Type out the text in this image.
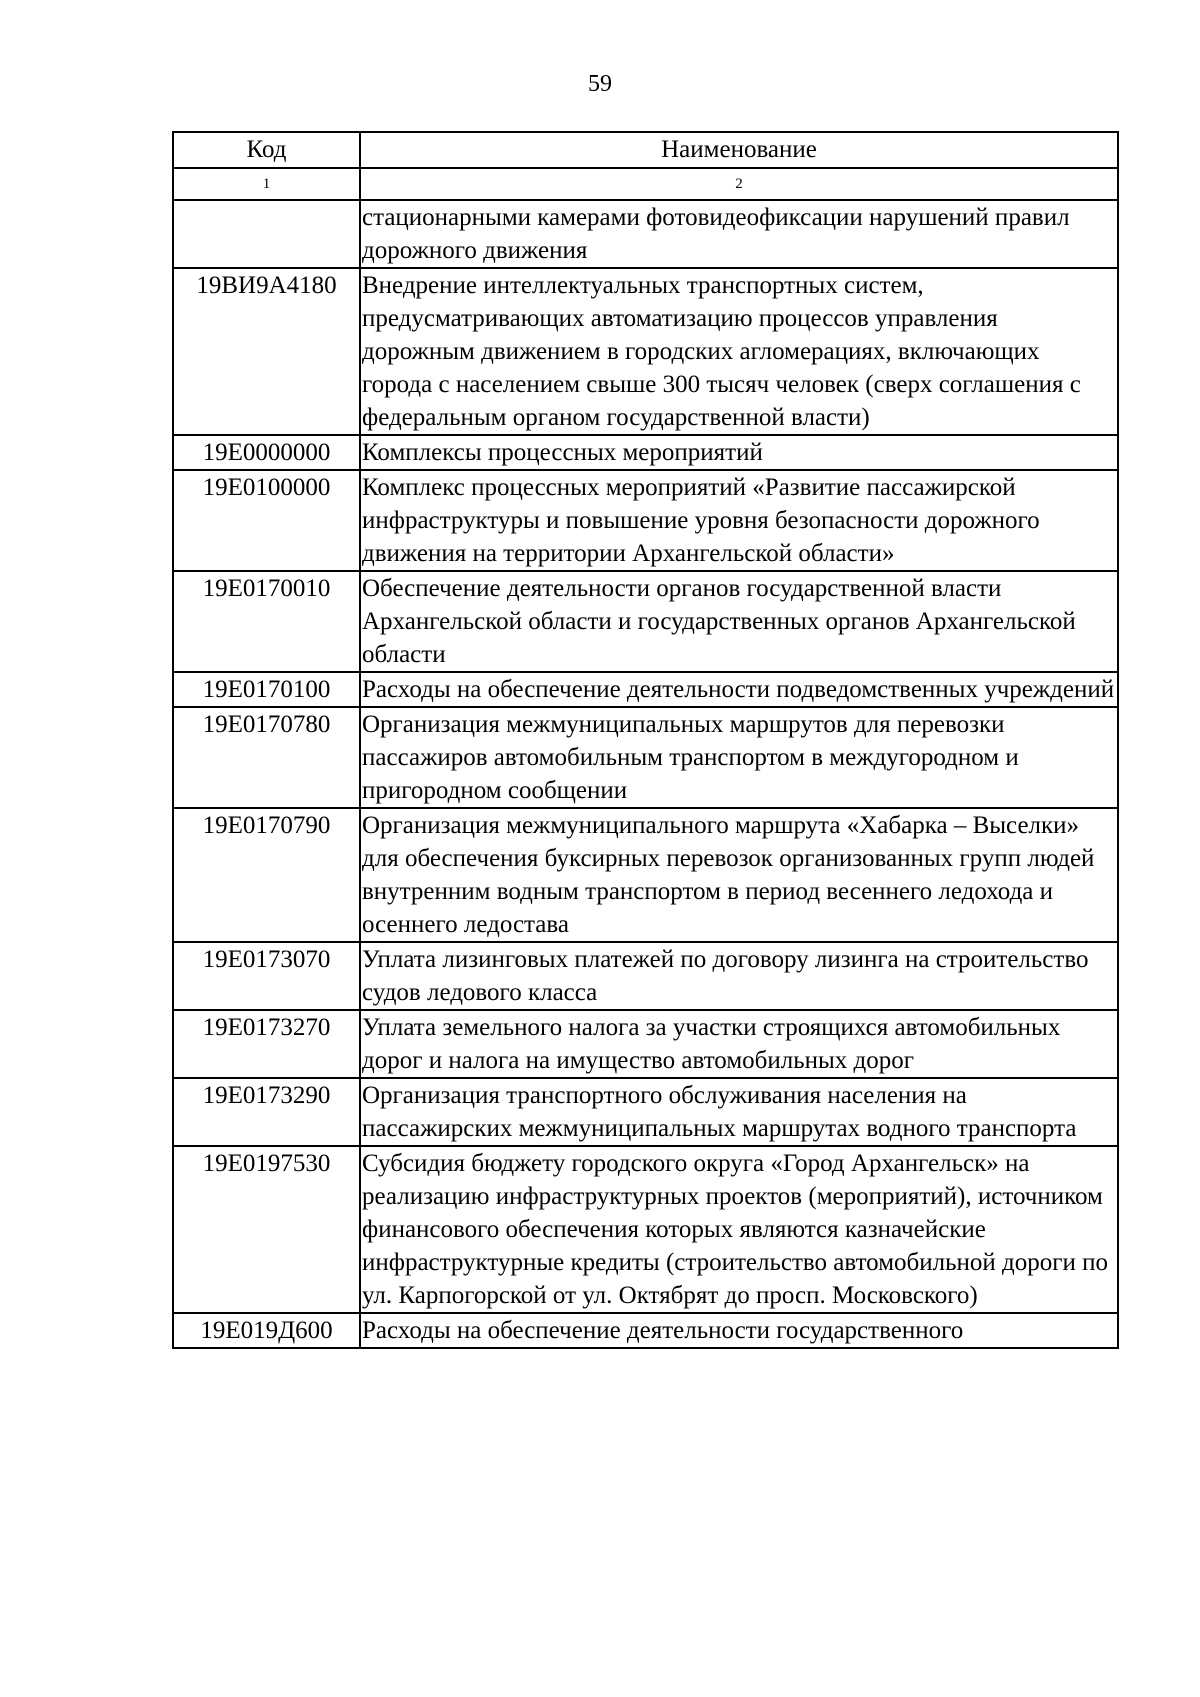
59
Код	Наименование
1	2
	стационарными камерами фотовидеофиксации нарушений правил дорожного движения
19ВИ9А4180	Внедрение интеллектуальных транспортных систем, предусматривающих автоматизацию процессов управления дорожным движением в городских агломерациях, включающих города с населением свыше 300 тысяч человек (сверх соглашения с федеральным органом государственной власти)
19Е0000000	Комплексы процессных мероприятий
19Е0100000	Комплекс процессных мероприятий «Развитие пассажирской инфраструктуры и повышение уровня безопасности дорожного движения на территории Архангельской области»
19Е0170010	Обеспечение деятельности органов государственной власти Архангельской области и государственных органов Архангельской области
19Е0170100	Расходы на обеспечение деятельности подведомственных учреждений
19Е0170780	Организация межмуниципальных маршрутов для перевозки пассажиров автомобильным транспортом в междугородном и пригородном сообщении
19Е0170790	Организация межмуниципального маршрута «Хабарка – Выселки» для обеспечения буксирных перевозок организованных групп людей внутренним водным транспортом в период весеннего ледохода и осеннего ледостава
19Е0173070	Уплата лизинговых платежей по договору лизинга на строительство судов ледового класса
19Е0173270	Уплата земельного налога за участки строящихся автомобильных дорог и налога на имущество автомобильных дорог
19Е0173290	Организация транспортного обслуживания населения на пассажирских межмуниципальных маршрутах водного транспорта
19Е0197530	Субсидия бюджету городского округа «Город Архангельск» на реализацию инфраструктурных проектов (мероприятий), источником финансового обеспечения которых являются казначейские инфраструктурные кредиты (строительство автомобильной дороги по ул. Карпогорской от ул. Октябрят до просп. Московского)
19Е019Д600	Расходы на обеспечение деятельности государственного
